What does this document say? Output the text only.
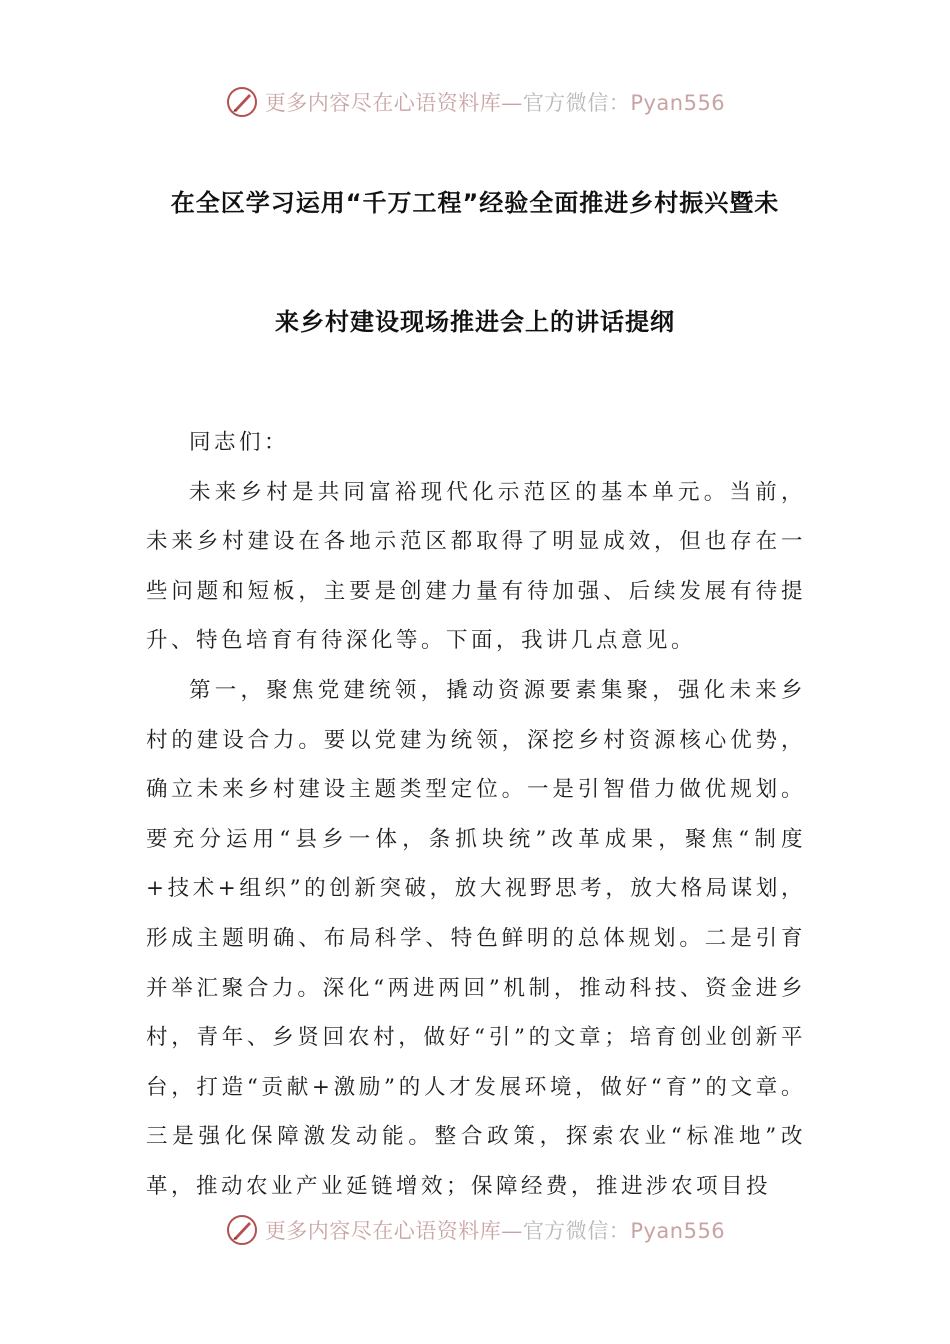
更多内容尽在心语资料库—官方微信：Pyan556
在全区学习运用“千万工程”经验全面推进乡村振兴暨未
来乡村建设现场推进会上的讲话提纲

同志们：

未来乡村是共同富裕现代化示范区的基本单元。当前，未来乡村建设在各地示范区都取得了明显成效，但也存在一些问题和短板，主要是创建力量有待加强、后续发展有待提升、特色培育有待深化等。下面，我讲几点意见。

第一，聚焦党建统领，撬动资源要素集聚，强化未来乡村的建设合力。要以党建为统领，深挖乡村资源核心优势，确立未来乡村建设主题类型定位。一是引智借力做优规划。要充分运用“县乡一体，条抓块统”改革成果，聚焦“制度+技术+组织”的创新突破，放大视野思考，放大格局谋划，形成主题明确、布局科学、特色鲜明的总体规划。二是引育并举汇聚合力。深化“两进两回”机制，推动科技、资金进乡村，青年、乡贤回农村，做好“引”的文章；培育创业创新平台，打造“贡献+激励”的人才发展环境，做好“育”的文章。三是强化保障激发动能。整合政策，探索农业“标准地”改革，推动农业产业延链增效；保障经费，推进涉农项目投

更多内容尽在心语资料库—官方微信：Pyan556
